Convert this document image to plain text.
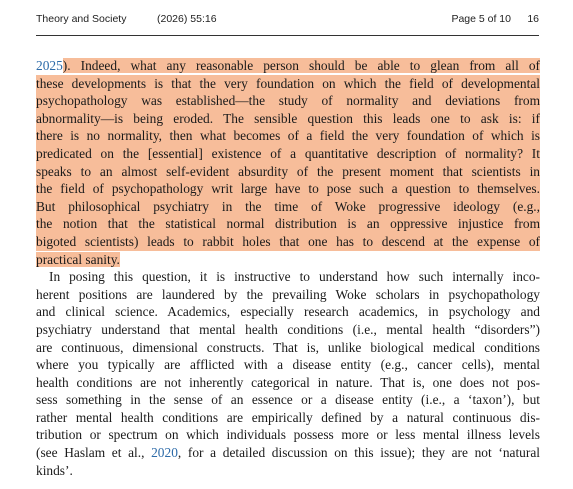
Theory and Society	(2026) 55:16	Page 5 of 10 16
2025). Indeed, what any reasonable person should be able to glean from all of
these developments is that the very foundation on which the field of developmental
psychopathology was established—the study of normality and deviations from
abnormality—is being eroded. The sensible question this leads one to ask is: if
there is no normality, then what becomes of a field the very foundation of which is
predicated on the [essential] existence of a quantitative description of normality? It
speaks to an almost self-evident absurdity of the present moment that scientists in
the field of psychopathology writ large have to pose such a question to themselves.
But philosophical psychiatry in the time of Woke progressive ideology (e.g.,
the notion that the statistical normal distribution is an oppressive injustice from
bigoted scientists) leads to rabbit holes that one has to descend at the expense of
practical sanity.
In posing this question, it is instructive to understand how such internally inco-
herent positions are laundered by the prevailing Woke scholars in psychopathology
and clinical science. Academics, especially research academics, in psychology and
psychiatry understand that mental health conditions (i.e., mental health “disorders”)
are continuous, dimensional constructs. That is, unlike biological medical conditions
where you typically are afflicted with a disease entity (e.g., cancer cells), mental
health conditions are not inherently categorical in nature. That is, one does not pos-
sess something in the sense of an essence or a disease entity (i.e., a ‘taxon’), but
rather mental health conditions are empirically defined by a natural continuous dis-
tribution or spectrum on which individuals possess more or less mental illness levels
(see Haslam et al., 2020, for a detailed discussion on this issue); they are not ‘natural
kinds’.
